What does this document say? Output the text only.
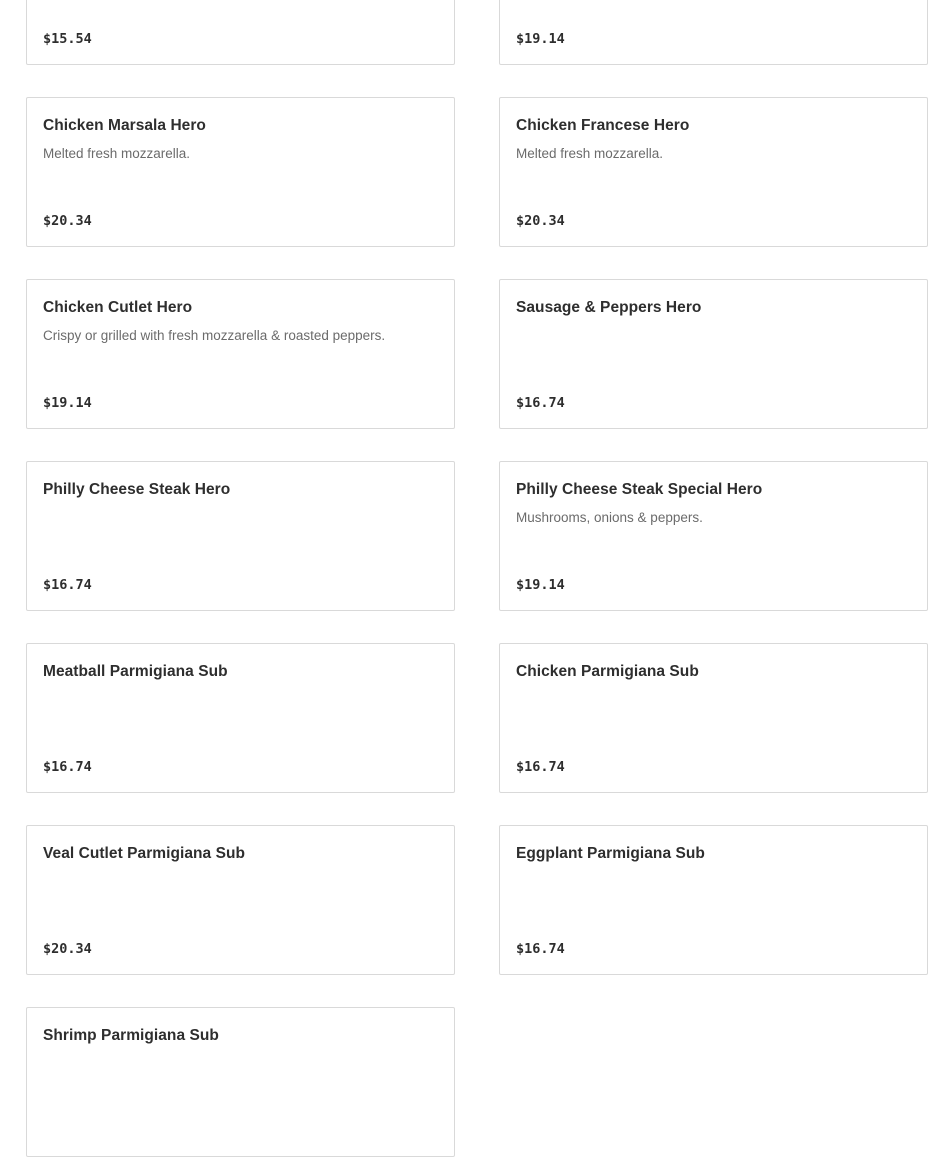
$15.54	$19.14
Chicken Marsala Hero
Melted fresh mozzarella.
$20.34
Chicken Francese Hero
Melted fresh mozzarella.
$20.34
Chicken Cutlet Hero
Crispy or grilled with fresh mozzarella & roasted peppers.
$19.14
Sausage & Peppers Hero
$16.74
Philly Cheese Steak Hero
$16.74
Philly Cheese Steak Special Hero
Mushrooms, onions & peppers.
$19.14
Meatball Parmigiana Sub
$16.74
Chicken Parmigiana Sub
$16.74
Veal Cutlet Parmigiana Sub
$20.34
Eggplant Parmigiana Sub
$16.74
Shrimp Parmigiana Sub
